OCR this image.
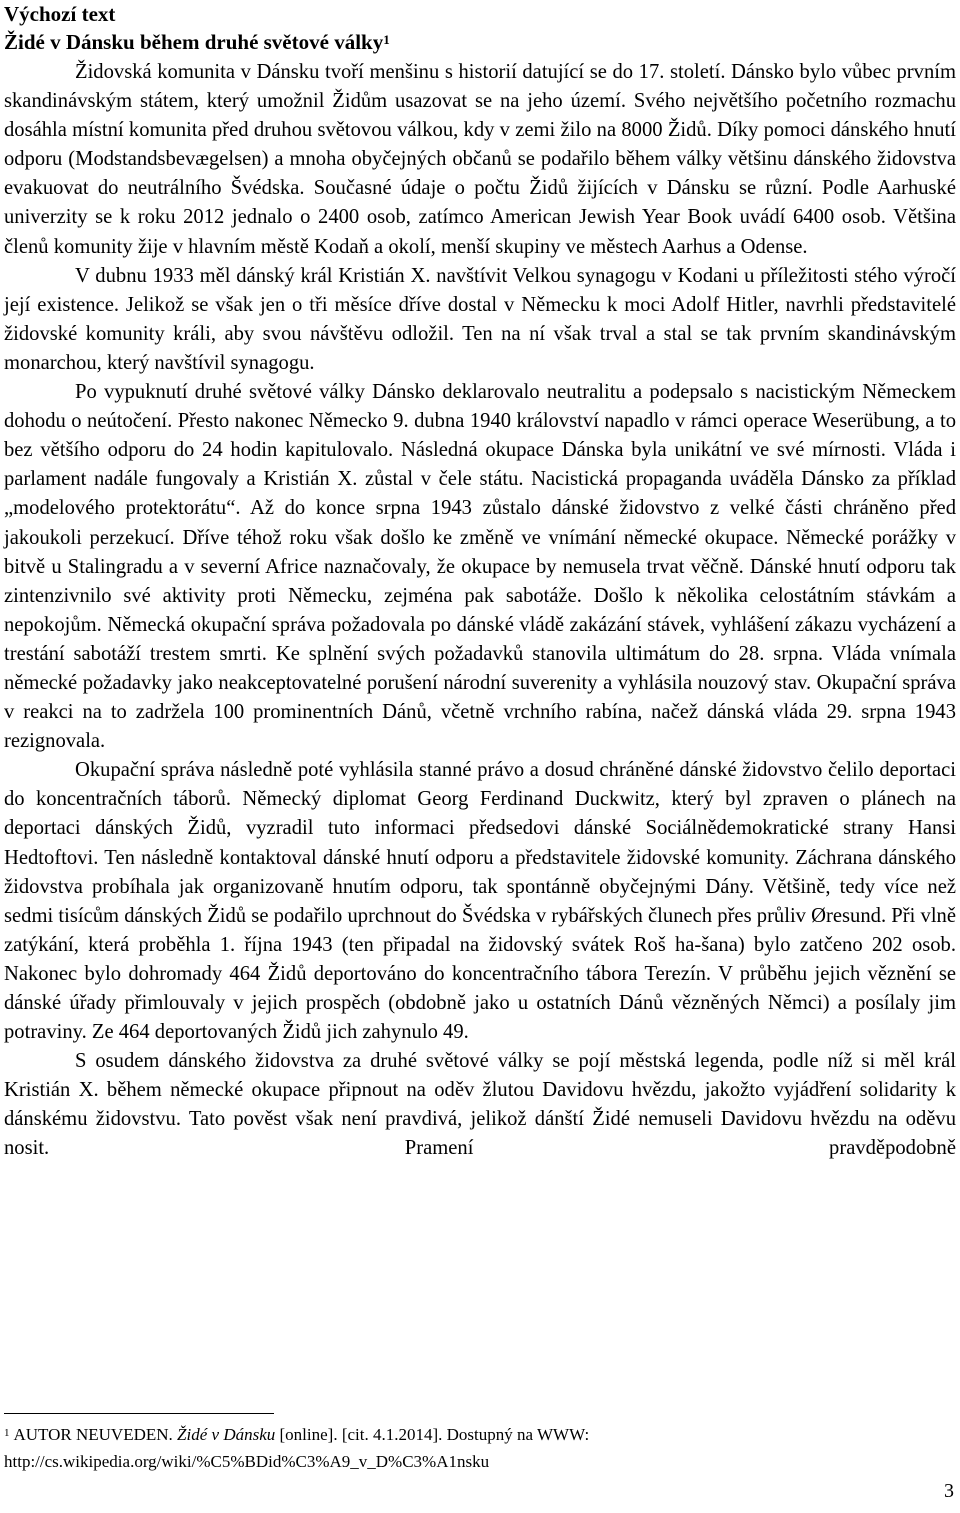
Výchozí text

Židé v Dánsku během druhé světové války$^1$

Židovská komunita v Dánsku tvoří menšinu s historií datující se do 17. století. Dánsko bylo vůbec prvním skandinávským státem, který umožnil Židům usazovat se na jeho území. Svého největšího početního rozmachu dosáhla místní komunita před druhou světovou válkou, kdy v zemi žilo na 8000 Židů. Díky pomoci dánského hnutí odporu (Modstandsbevægelsen) a mnoha obyčejných občanů se podařilo během války většinu dánského židovstva evakuovat do neutrálního Švédska. Současné údaje o počtu Židů žijících v Dánsku se různí. Podle Aarhuské univerzity se k roku 2012 jednalo o 2400 osob, zatímco American Jewish Year Book uvádí 6400 osob. Většina členů komunity žije v hlavním městě Kodaň a okolí, menší skupiny ve městech Aarhus a Odense.

V dubnu 1933 měl dánský král Kristián X. navštívit Velkou synagogu v Kodani u příležitosti stého výročí její existence. Jelikož se však jen o tři měsíce dříve dostal v Německu k moci Adolf Hitler, navrhli představitelé židovské komunity králi, aby svou návštěvu odložil. Ten na ní však trval a stal se tak prvním skandinávským monarchou, který navštívil synagogu.

Po vypuknutí druhé světové války Dánsko deklarovalo neutralitu a podepsalo s nacistickým Německem dohodu o neútočení. Přesto nakonec Německo 9. dubna 1940 království napadlo v rámci operace Weserübung, a to bez většího odporu do 24 hodin kapitulovalo. Následná okupace Dánska byla unikátní ve své mírnosti. Vláda i parlament nadále fungovaly a Kristián X. zůstal v čele státu. Nacistická propaganda uváděla Dánsko za příklad „modelového protektorátu“. Až do konce srpna 1943 zůstalo dánské židovstvo z velké části chráněno před jakoukoli perzekucí. Dříve téhož roku však došlo ke změně ve vnímání německé okupace. Německé porážky v bitvě u Stalingradu a v severní Africe naznačovaly, že okupace by nemusela trvat věčně. Dánské hnutí odporu tak zintenzivnilo své aktivity proti Německu, zejména pak sabotáže. Došlo k několika celostátním stávkám a nepokojům. Německá okupační správa požadovala po dánské vládě zakázání stávek, vyhlášení zákazu vycházení a trestání sabotáží trestem smrti. Ke splnění svých požadavků stanovila ultimátum do 28. srpna. Vláda vnímala německé požadavky jako neakceptovatelné porušení národní suverenity a vyhlásila nouzový stav. Okupační správa v reakci na to zadržela 100 prominentních Dánů, včetně vrchního rabína, načež dánská vláda 29. srpna 1943 rezignovala.

Okupační správa následně poté vyhlásila stanné právo a dosud chráněné dánské židovstvo čelilo deportaci do koncentračních táborů. Německý diplomat Georg Ferdinand Duckwitz, který byl zpraven o plánech na deportaci dánských Židů, vyzradil tuto informaci předsedovi dánské Sociálnědemokratické strany Hansi Hedtoftovi. Ten následně kontaktoval dánské hnutí odporu a představitele židovské komunity. Záchrana dánského židovstva probíhala jak organizovaně hnutím odporu, tak spontánně obyčejnými Dány. Většině, tedy více než sedmi tisícům dánských Židů se podařilo uprchnout do Švédska v rybářských člunech přes průliv Øresund. Při vlně zatýkání, která proběhla 1. října 1943 (ten připadal na židovský svátek Roš ha-šana) bylo zatčeno 202 osob. Nakonec bylo dohromady 464 Židů deportováno do koncentračního tábora Terezín. V průběhu jejich věznění se dánské úřady přimlouvaly v jejich prospěch (obdobně jako u ostatních Dánů vězněných Němci) a posílaly jim potraviny. Ze 464 deportovaných Židů jich zahynulo 49.

S osudem dánského židovstva za druhé světové války se pojí městská legenda, podle níž si měl král Kristián X. během německé okupace připnout na oděv žlutou Davidovu hvězdu, jakožto vyjádření solidarity k dánskému židovstvu. Tato pověst však není pravdivá, jelikož dánští Židé nemuseli Davidovu hvězdu na oděvu nosit. Pramení pravděpodobně

$^1$ AUTOR NEUVEDEN. Židé v Dánsku [online]. [cit. 4.1.2014]. Dostupný na WWW:
http://cs.wikipedia.org/wiki/%C5%BDid%C3%A9_v_D%C3%A1nsku
3
